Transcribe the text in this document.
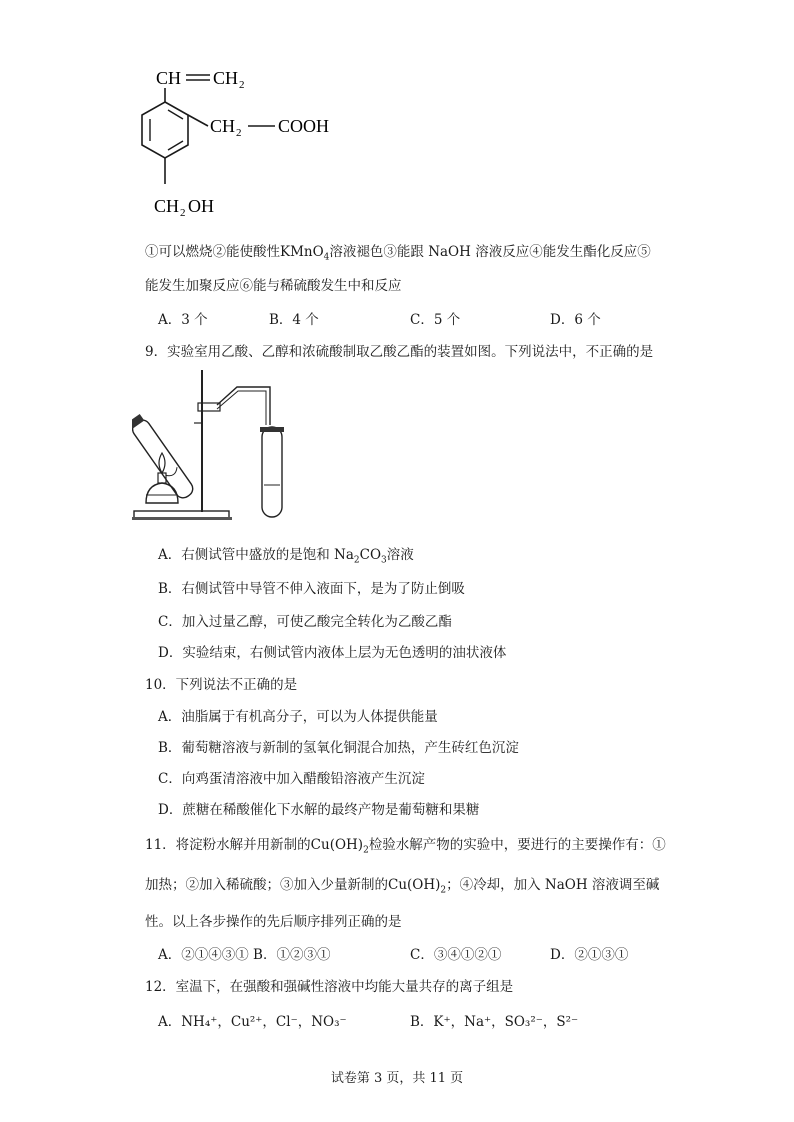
CH CH 2
CH 2 COOH
CH 2 OH
①可以燃烧②能使酸性KMnO$_4$溶液褪色③能跟 NaOH 溶液反应④能发生酯化反应⑤
能发生加聚反应⑥能与稀硫酸发生中和反应
A．3 个	B．4 个	C．5 个	D．6 个
9．实验室用乙酸、乙醇和浓硫酸制取乙酸乙酯的装置如图。下列说法中，不正确的是
A．右侧试管中盛放的是饱和 $Na_2CO_3$溶液
B．右侧试管中导管不伸入液面下，是为了防止倒吸
C．加入过量乙醇，可使乙酸完全转化为乙酸乙酯
D．实验结束，右侧试管内液体上层为无色透明的油状液体
10．下列说法不正确的是
A．油脂属于有机高分子，可以为人体提供能量
B．葡萄糖溶液与新制的氢氧化铜混合加热，产生砖红色沉淀
C．向鸡蛋清溶液中加入醋酸铅溶液产生沉淀
D．蔗糖在稀酸催化下水解的最终产物是葡萄糖和果糖
11．将淀粉水解并用新制的$Cu(OH)_2$检验水解产物的实验中，要进行的主要操作有：①
加热；②加入稀硫酸；③加入少量新制的$Cu(OH)_2$；④冷却，加入 NaOH 溶液调至碱
性。以上各步操作的先后顺序排列正确的是
A．②①④③① B．①②③①	C．③④①②①	D．②①③①
12．室温下，在强酸和强碱性溶液中均能大量共存的离子组是
A．NH₄⁺，Cu²⁺，Cl⁻，NO₃⁻	B．K⁺，Na⁺，SO₃²⁻，S²⁻
试卷第 3 页，共 11 页
